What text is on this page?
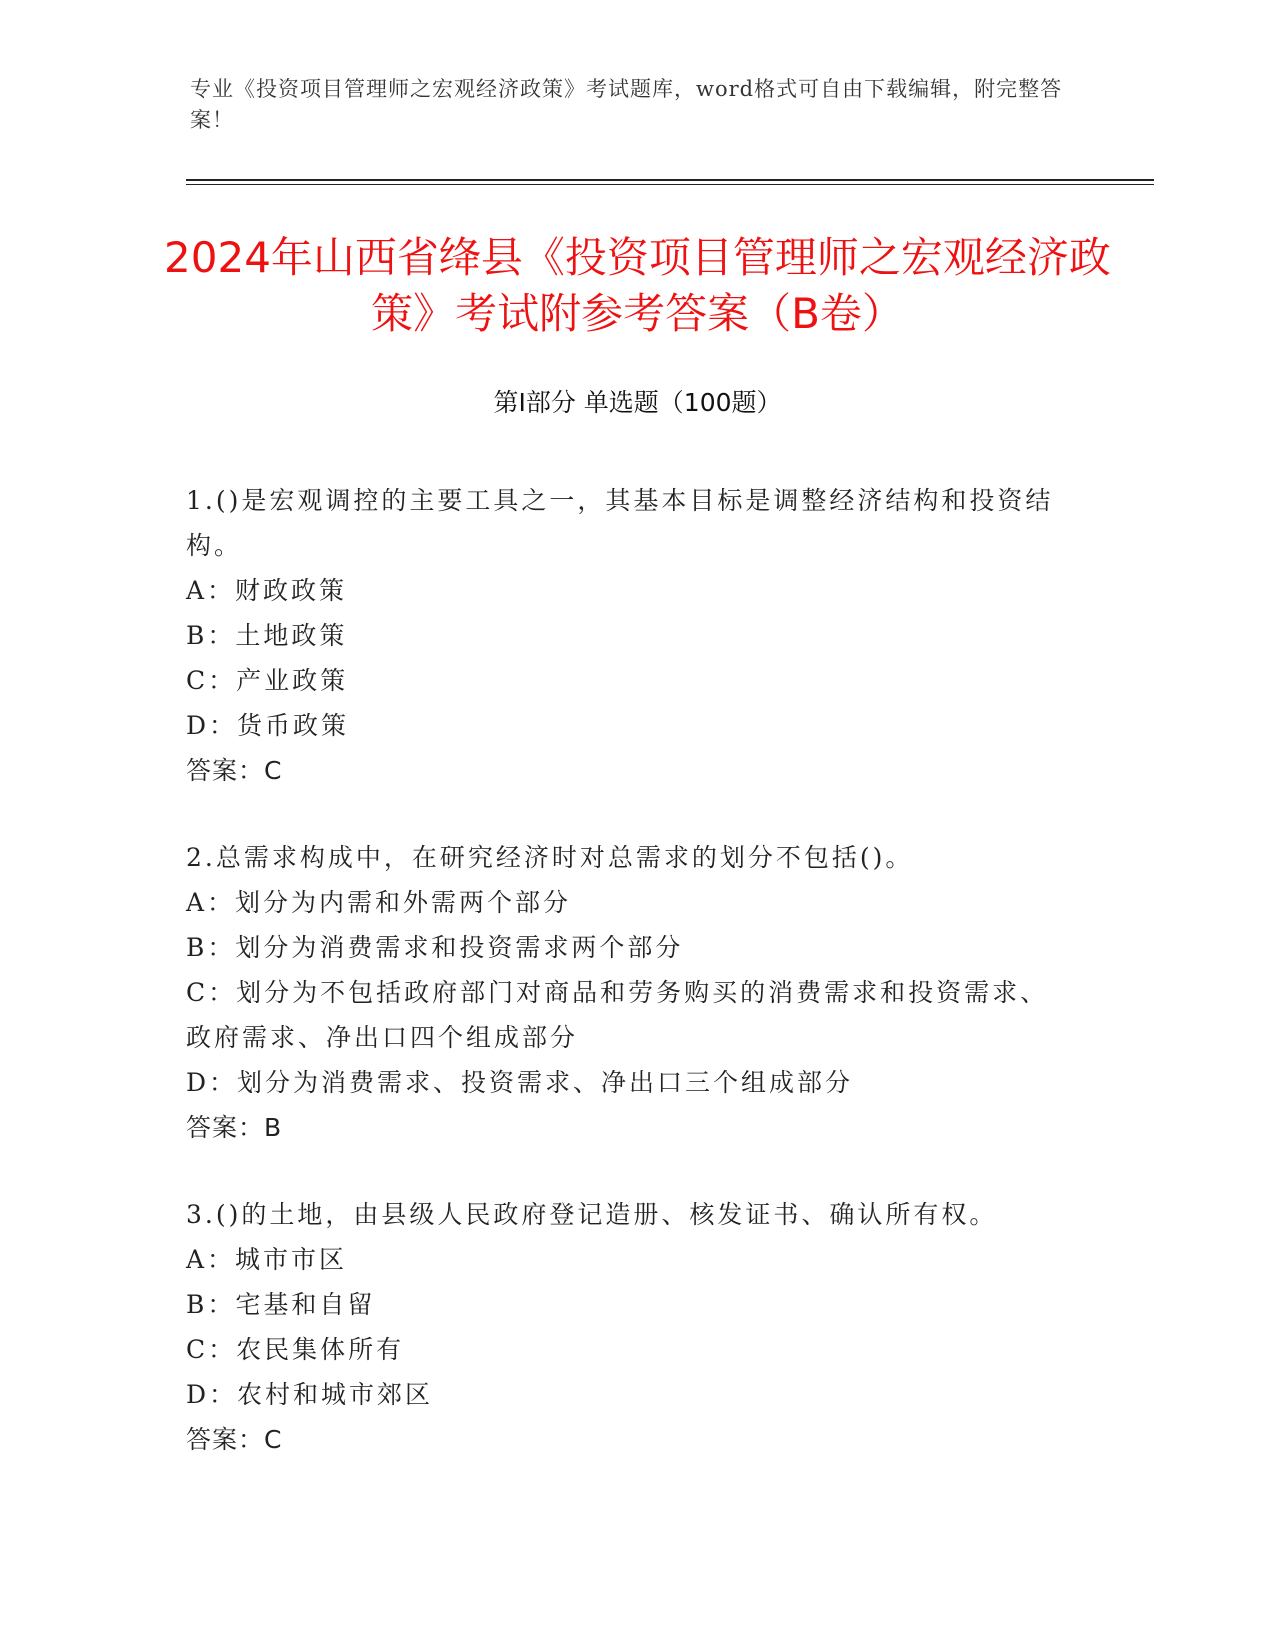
专业《投资项目管理师之宏观经济政策》考试题库，word格式可自由下载编辑，附完整答案！
2024年山西省绛县《投资项目管理师之宏观经济政策》考试附参考答案（B卷）
第I部分 单选题（100题）
1.()是宏观调控的主要工具之一，其基本目标是调整经济结构和投资结构。
A：财政政策
B：土地政策
C：产业政策
D：货币政策
答案：C
2.总需求构成中，在研究经济时对总需求的划分不包括()。
A：划分为内需和外需两个部分
B：划分为消费需求和投资需求两个部分
C：划分为不包括政府部门对商品和劳务购买的消费需求和投资需求、政府需求、净出口四个组成部分
D：划分为消费需求、投资需求、净出口三个组成部分
答案：B
3.()的土地，由县级人民政府登记造册、核发证书、确认所有权。
A：城市市区
B：宅基和自留
C：农民集体所有
D：农村和城市郊区
答案：C
